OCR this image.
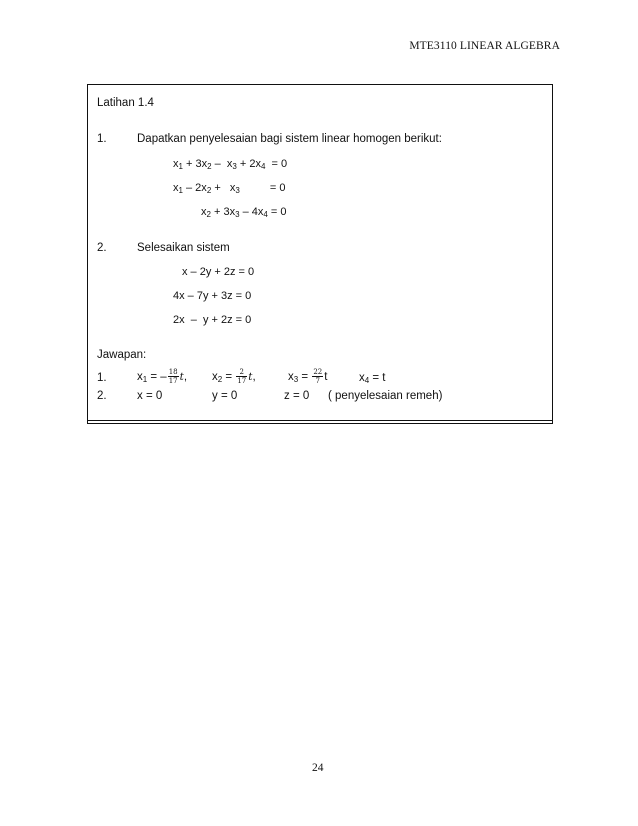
MTE3110 LINEAR ALGEBRA
Latihan 1.4
1.	Dapatkan penyelesaian bagi sistem linear homogen berikut:
$x_1 + 3x_2 - x_3 + 2x_4 = 0$
$x_1 - 2x_2 + x_3$	= 0
$x_2 + 3x_3 - 4x_4 = 0$
2.	Selesaikan sistem
x – 2y + 2z = 0
4x – 7y + 3z = 0
2x  –  y + 2z = 0
Jawapan:
1.	$x_1$ = – $\frac{18}{17} t$, $x_2 = \frac{2}{17} t$,	$x_3 = \frac{22}{7}$ t	$x_4 = t$
2.	x = 0	y = 0	z = 0 ( penyelesaian remeh)
24
